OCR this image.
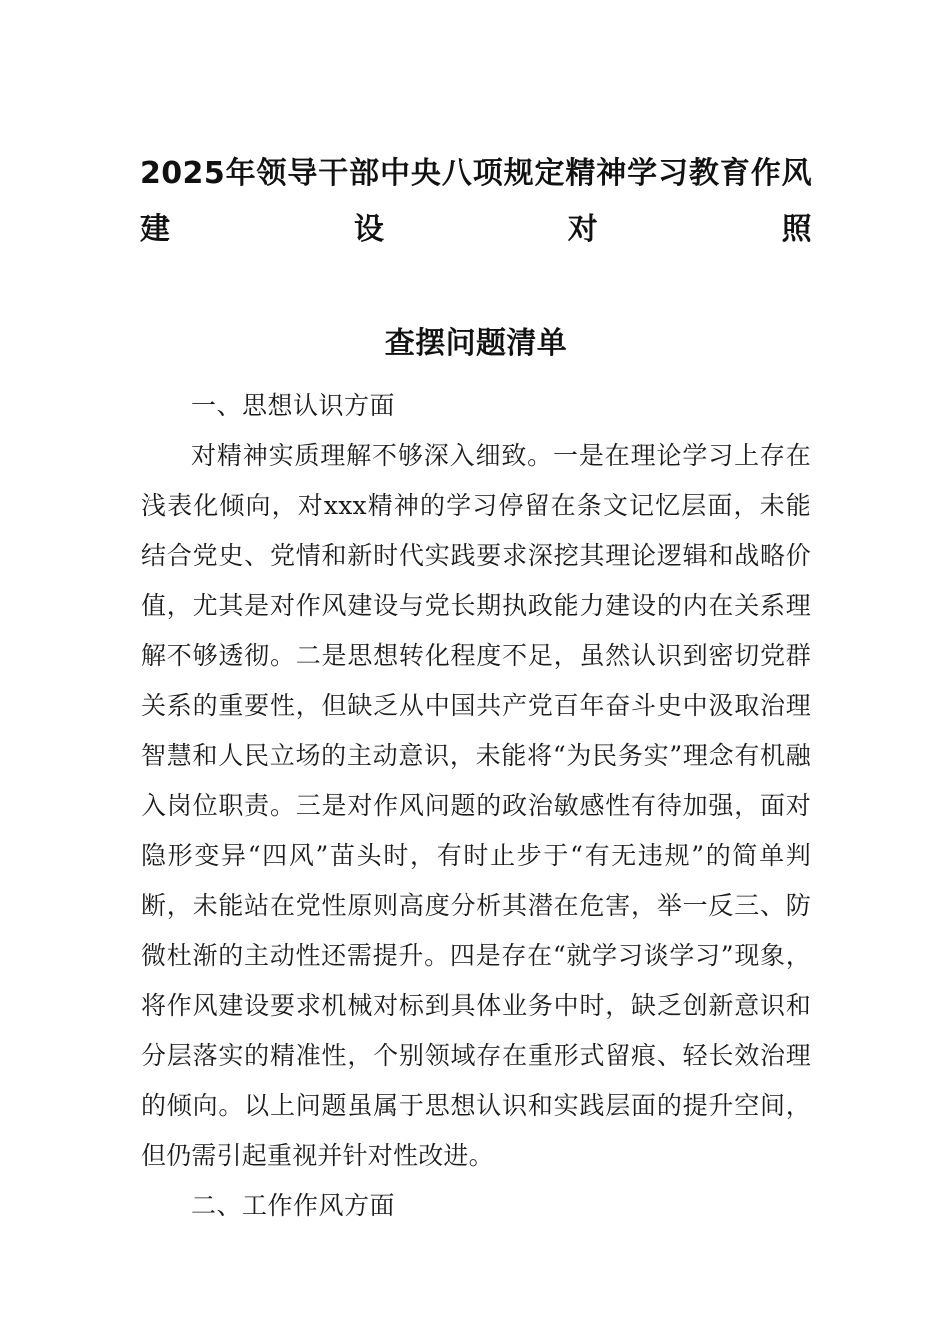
2025年领导干部中央八项规定精神学习教育作风建设对照
查摆问题清单
一、思想认识方面
对精神实质理解不够深入细致。一是在理论学习上存在浅表化倾向，对xxx精神的学习停留在条文记忆层面，未能结合党史、党情和新时代实践要求深挖其理论逻辑和战略价值，尤其是对作风建设与党长期执政能力建设的内在关系理解不够透彻。二是思想转化程度不足，虽然认识到密切党群关系的重要性，但缺乏从中国共产党百年奋斗史中汲取治理智慧和人民立场的主动意识，未能将“为民务实”理念有机融入岗位职责。三是对作风问题的政治敏感性有待加强，面对隐形变异“四风”苗头时，有时止步于“有无违规”的简单判断，未能站在党性原则高度分析其潜在危害，举一反三、防微杜渐的主动性还需提升。四是存在“就学习谈学习”现象，将作风建设要求机械对标到具体业务中时，缺乏创新意识和分层落实的精准性，个别领域存在重形式留痕、轻长效治理的倾向。以上问题虽属于思想认识和实践层面的提升空间，但仍需引起重视并针对性改进。
二、工作作风方面
